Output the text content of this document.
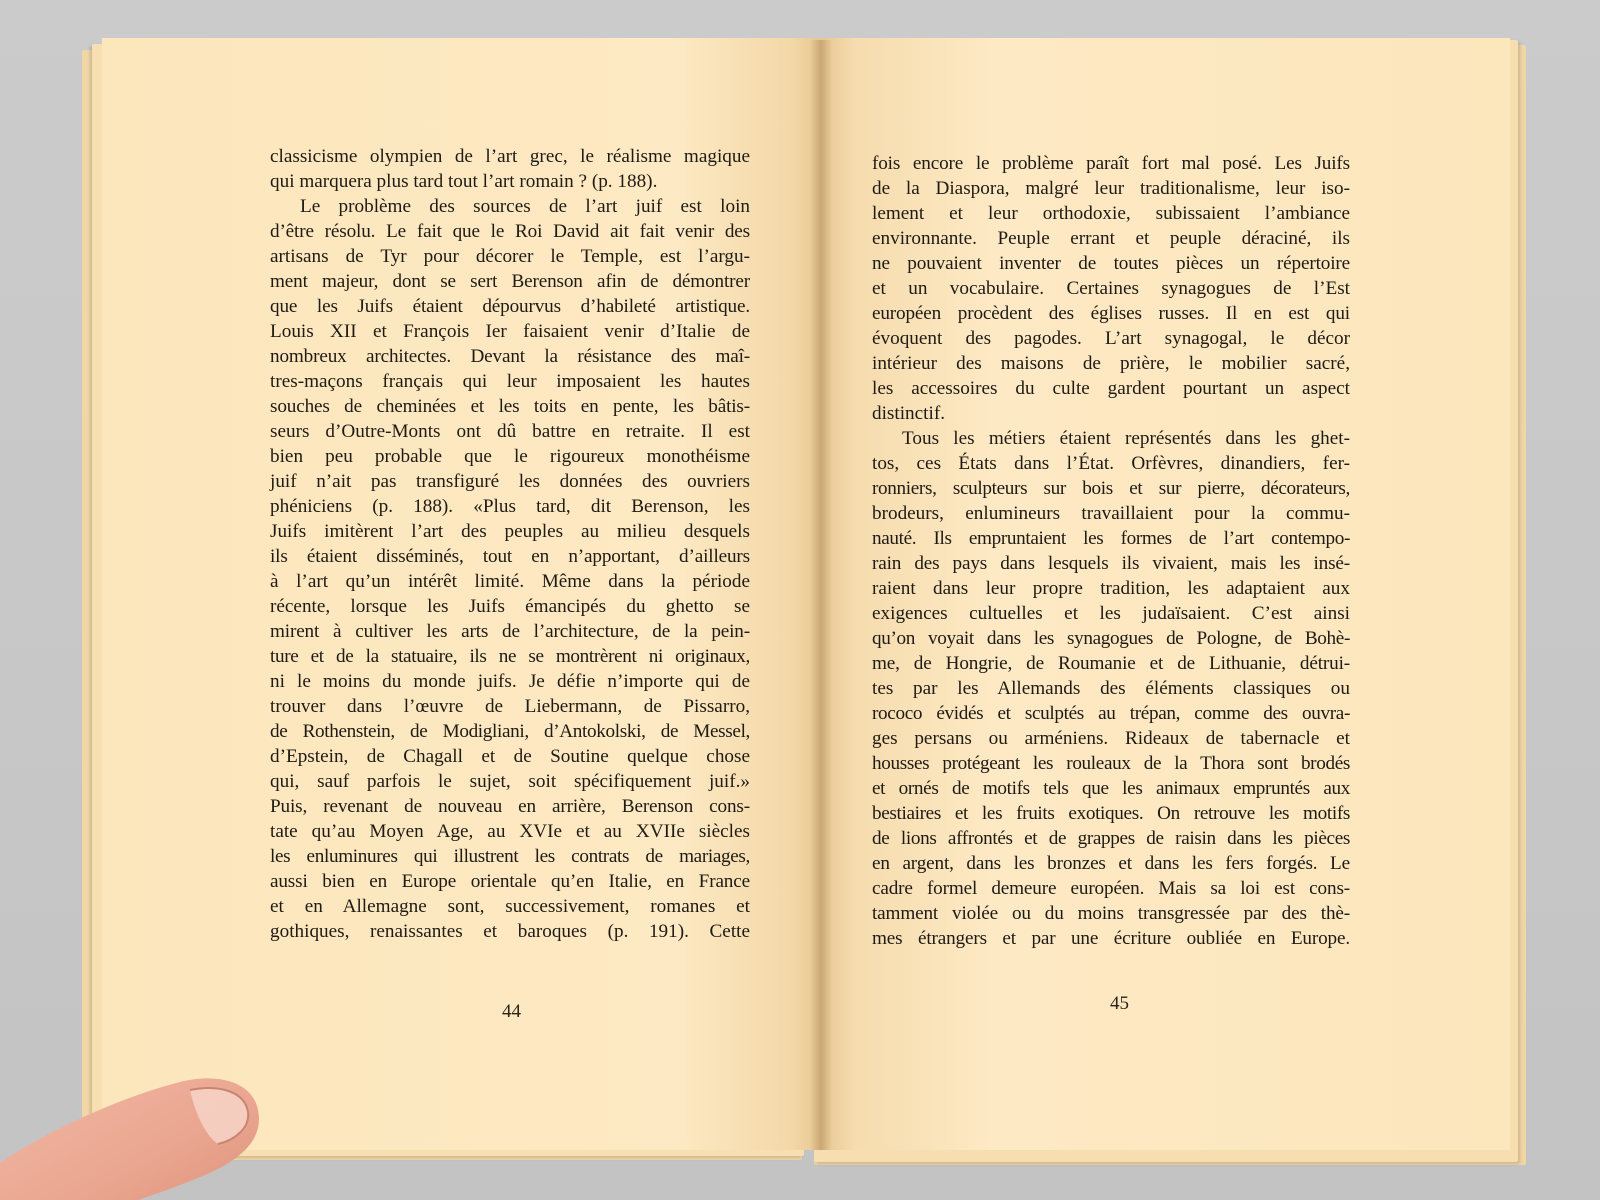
classicisme olympien de l’art grec, le réalisme magique
qui marquera plus tard tout l’art romain ? (p. 188).
Le problème des sources de l’art juif est loin
d’être résolu. Le fait que le Roi David ait fait venir des
artisans de Tyr pour décorer le Temple, est l’argu-
ment majeur, dont se sert Berenson afin de démontrer
que les Juifs étaient dépourvus d’habileté artistique.
Louis XII et François Ier faisaient venir d’Italie de
nombreux architectes. Devant la résistance des maî-
tres-maçons français qui leur imposaient les hautes
souches de cheminées et les toits en pente, les bâtis-
seurs d’Outre-Monts ont dû battre en retraite. Il est
bien peu probable que le rigoureux monothéisme
juif n’ait pas transfiguré les données des ouvriers
phéniciens (p. 188). «Plus tard, dit Berenson, les
Juifs imitèrent l’art des peuples au milieu desquels
ils étaient disséminés, tout en n’apportant, d’ailleurs
à l’art qu’un intérêt limité. Même dans la période
récente, lorsque les Juifs émancipés du ghetto se
mirent à cultiver les arts de l’architecture, de la pein-
ture et de la statuaire, ils ne se montrèrent ni originaux,
ni le moins du monde juifs. Je défie n’importe qui de
trouver dans l’œuvre de Liebermann, de Pissarro,
de Rothenstein, de Modigliani, d’Antokolski, de Messel,
d’Epstein, de Chagall et de Soutine quelque chose
qui, sauf parfois le sujet, soit spécifiquement juif.»
Puis, revenant de nouveau en arrière, Berenson cons-
tate qu’au Moyen Age, au XVIe et au XVIIe siècles
les enluminures qui illustrent les contrats de mariages,
aussi bien en Europe orientale qu’en Italie, en France
et en Allemagne sont, successivement, romanes et
gothiques, renaissantes et baroques (p. 191). Cette
44
fois encore le problème paraît fort mal posé. Les Juifs
de la Diaspora, malgré leur traditionalisme, leur iso-
lement et leur orthodoxie, subissaient l’ambiance
environnante. Peuple errant et peuple déraciné, ils
ne pouvaient inventer de toutes pièces un répertoire
et un vocabulaire. Certaines synagogues de l’Est
européen procèdent des églises russes. Il en est qui
évoquent des pagodes. L’art synagogal, le décor
intérieur des maisons de prière, le mobilier sacré,
les accessoires du culte gardent pourtant un aspect
distinctif.
Tous les métiers étaient représentés dans les ghet-
tos, ces États dans l’État. Orfèvres, dinandiers, fer-
ronniers, sculpteurs sur bois et sur pierre, décorateurs,
brodeurs, enlumineurs travaillaient pour la commu-
nauté. Ils empruntaient les formes de l’art contempo-
rain des pays dans lesquels ils vivaient, mais les insé-
raient dans leur propre tradition, les adaptaient aux
exigences cultuelles et les judaïsaient. C’est ainsi
qu’on voyait dans les synagogues de Pologne, de Bohè-
me, de Hongrie, de Roumanie et de Lithuanie, détrui-
tes par les Allemands des éléments classiques ou
rococo évidés et sculptés au trépan, comme des ouvra-
ges persans ou arméniens. Rideaux de tabernacle et
housses protégeant les rouleaux de la Thora sont brodés
et ornés de motifs tels que les animaux empruntés aux
bestiaires et les fruits exotiques. On retrouve les motifs
de lions affrontés et de grappes de raisin dans les pièces
en argent, dans les bronzes et dans les fers forgés. Le
cadre formel demeure européen. Mais sa loi est cons-
tamment violée ou du moins transgressée par des thè-
mes étrangers et par une écriture oubliée en Europe.
45
